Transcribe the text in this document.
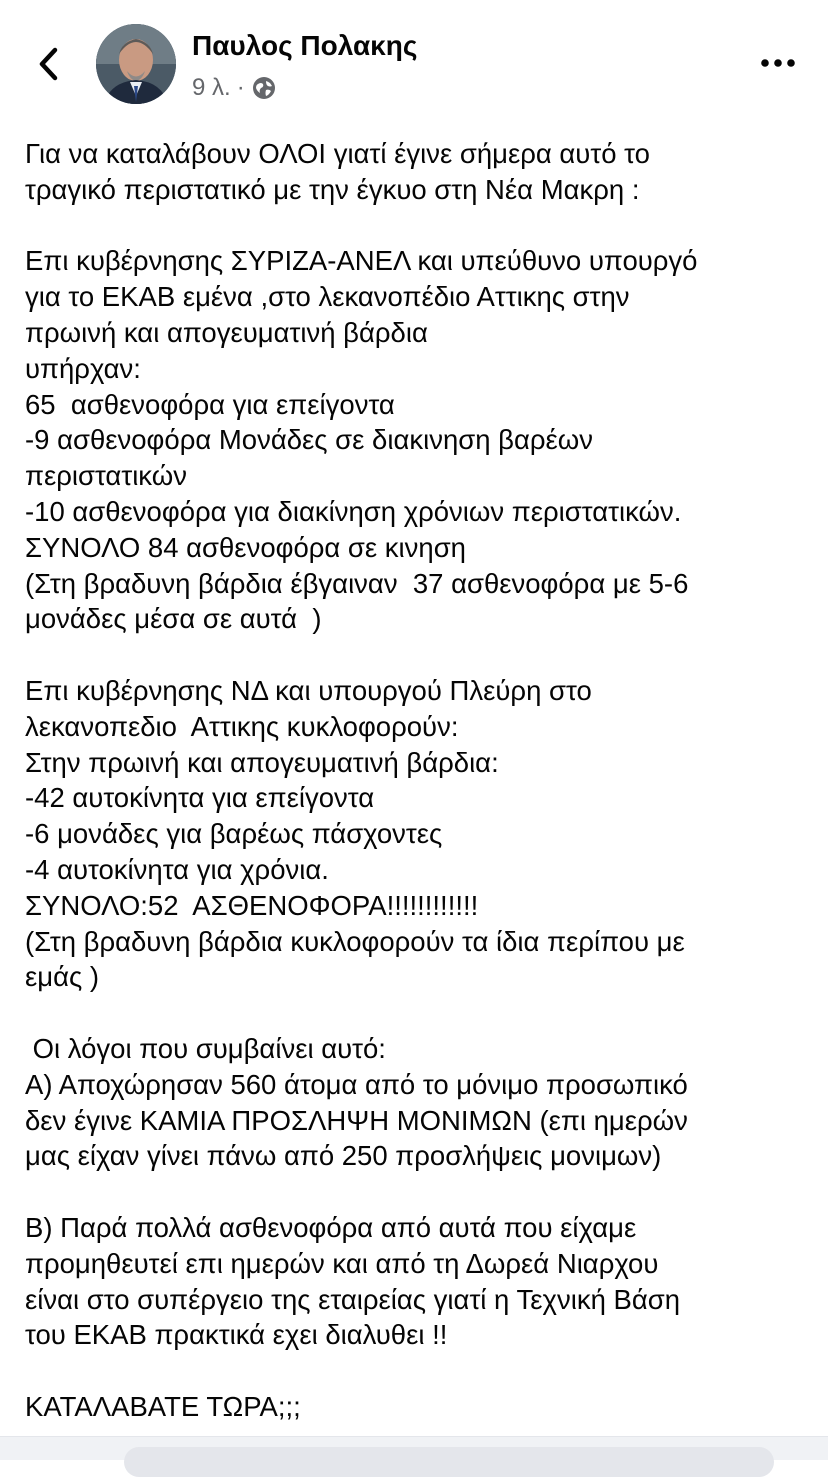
Παυλος Πολακης
9 λ. ·
Για να καταλάβουν ΟΛΟΙ γιατί έγινε σήμερα αυτό το
τραγικό περιστατικό με την έγκυο στη Νέα Μακρη :
Επι κυβέρνησης ΣΥΡΙΖΑ-ΑΝΕΛ και υπεύθυνο υπουργό
για το ΕΚΑΒ εμένα ,στο λεκανοπέδιο Αττικης στην
πρωινή και απογευματινή βάρδια
υπήρχαν:
65  ασθενοφόρα για επείγοντα
-9 ασθενοφόρα Μονάδες σε διακινηση βαρέων
περιστατικών
-10 ασθενοφόρα για διακίνηση χρόνιων περιστατικών.
ΣΥΝΟΛΟ 84 ασθενοφόρα σε κινηση
(Στη βραδυνη βάρδια έβγαιναν  37 ασθενοφόρα με 5-6
μονάδες μέσα σε αυτά  )
Επι κυβέρνησης ΝΔ και υπουργού Πλεύρη στο
λεκανοπεδιο  Αττικης κυκλοφορούν:
Στην πρωινή και απογευματινή βάρδια:
-42 αυτοκίνητα για επείγοντα
-6 μονάδες για βαρέως πάσχοντες
-4 αυτοκίνητα για χρόνια.
ΣΥΝΟΛΟ:52  ΑΣΘΕΝΟΦΟΡΑ!!!!!!!!!!!!
(Στη βραδυνη βάρδια κυκλοφορούν τα ίδια περίπου με
εμάς )
Οι λόγοι που συμβαίνει αυτό:
Α) Αποχώρησαν 560 άτομα από το μόνιμο προσωπικό
δεν έγινε ΚΑΜΙΑ ΠΡΟΣΛΗΨΗ ΜΟΝΙΜΩΝ (επι ημερών
μας είχαν γίνει πάνω από 250 προσλήψεις μονιμων)
Β) Παρά πολλά ασθενοφόρα από αυτά που είχαμε
προμηθευτεί επι ημερών και από τη Δωρεά Νιαρχου
είναι στο συπέργειο της εταιρείας γιατί η Τεχνική Βάση
του ΕΚΑΒ πρακτικά εχει διαλυθει !!
ΚΑΤΑΛΑΒΑΤΕ ΤΩΡΑ;;;
